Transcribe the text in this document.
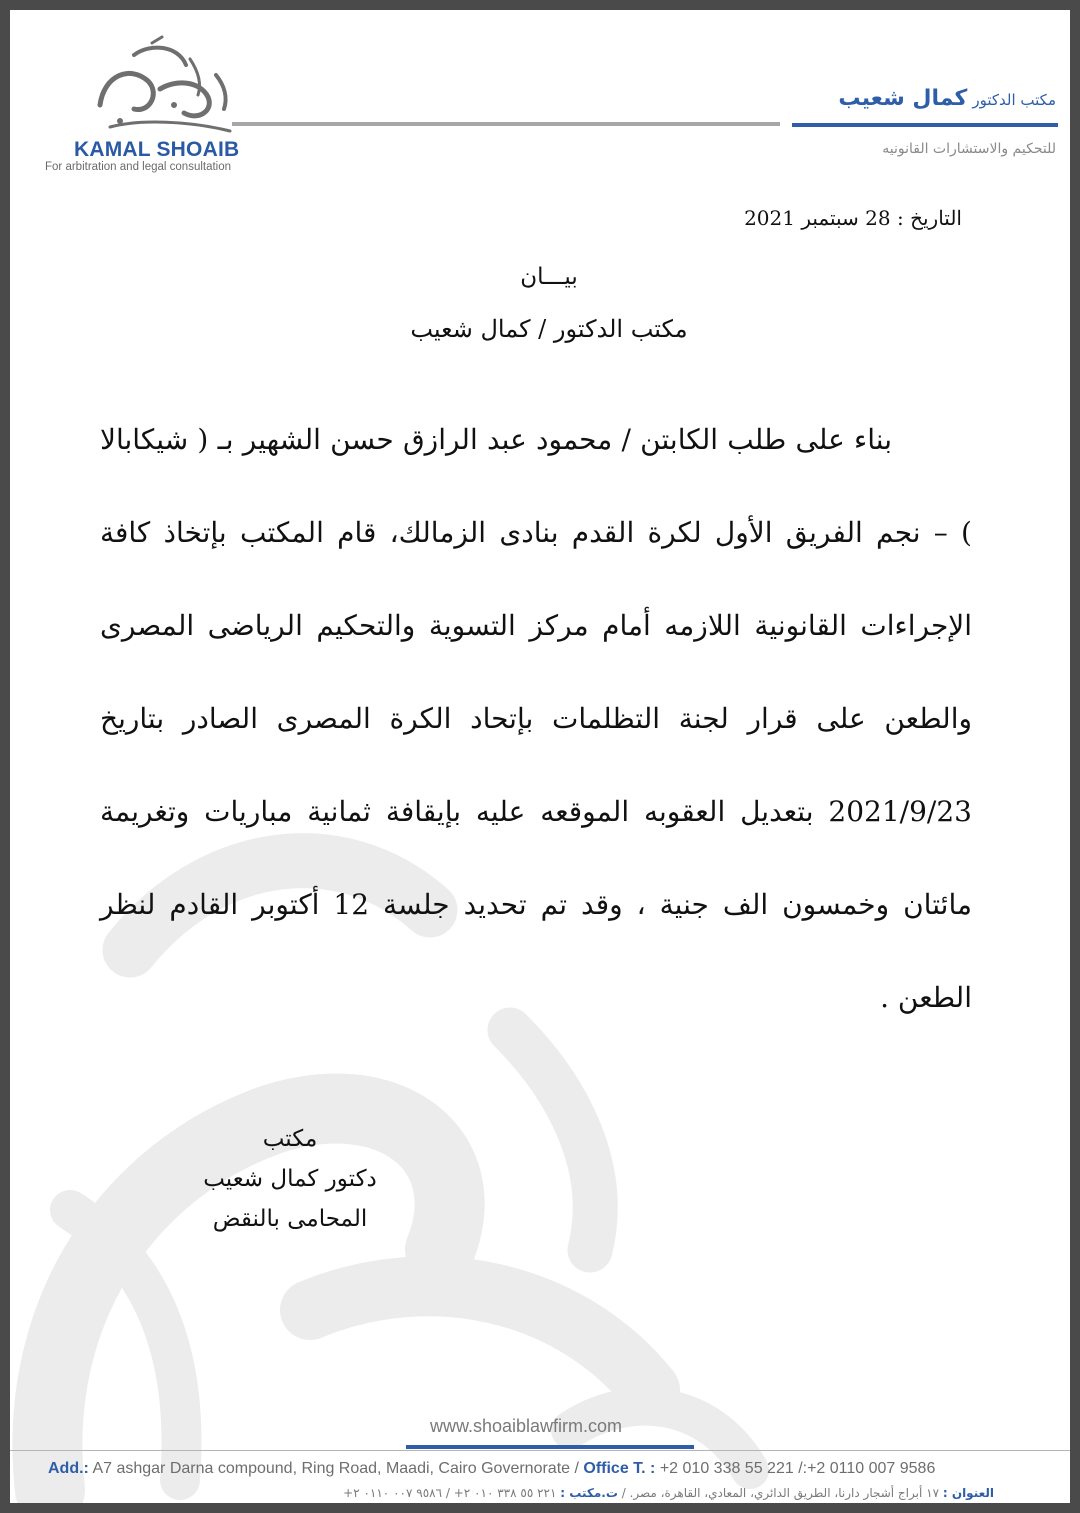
KAMAL SHOAIB
For arbitration and legal consultation
مكتب الدكتور كمال شعيب
للتحكيم والاستشارات القانونيه
التاريخ : 28 سبتمبر 2021
بيـــان
مكتب الدكتور / كمال شعيب
بناء على طلب الكابتن / محمود عبد الرازق حسن الشهير بـ ( شيكابالا
) – نجم الفريق الأول لكرة القدم بنادى الزمالك، قام المكتب بإتخاذ كافة
الإجراءات القانونية اللازمه أمام مركز التسوية والتحكيم الرياضى المصرى
والطعن على قرار لجنة التظلمات بإتحاد الكرة المصرى الصادر بتاريخ
2021/9/23 بتعديل العقوبه الموقعه عليه بإيقافة ثمانية مباريات وتغريمة
مائتان وخمسون الف جنية ، وقد تم تحديد جلسة 12 أكتوبر القادم لنظر
الطعن .
مكتب
دكتور كمال شعيب
المحامى بالنقض
www.shoaiblawfirm.com
Add.: A7 ashgar Darna compound, Ring Road, Maadi, Cairo Governorate / Office T. : +2 010 338 55 221 /:+2 0110 007 9586
العنوان : ١٧ أبراج أشجار دارنا، الطريق الدائري، المعادي، القاهرة، مصر. / ت.مكتب : ٢٢١ ٥٥ ٣٣٨ ٠١٠ ٢+ / ٩٥٨٦ ٠٠٧ ٠١١٠ ٢+
